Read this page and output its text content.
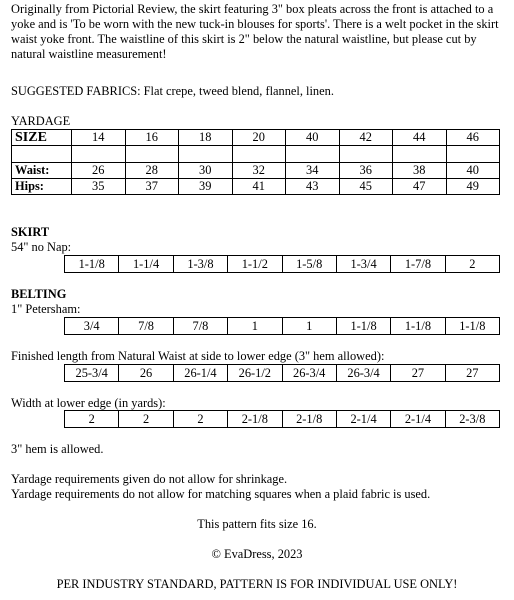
Originally from Pictorial Review, the skirt featuring 3" box pleats across the front is attached to a yoke and is 'To be worn with the new tuck-in blouses for sports'. There is a welt pocket in the skirt waist yoke front. The waistline of this skirt is 2" below the natural waistline, but please cut by natural waistline measurement!

SUGGESTED FABRICS: Flat crepe, tweed blend, flannel, linen.

YARDAGE

SIZE	14	16	18	20	40	42	44	46

Waist:	26	28	30	32	34	36	38	40
Hips:	35	37	39	41	43	45	47	49

SKIRT

54" no Nap:

1-1/8	1-1/4	1-3/8	1-1/2	1-5/8	1-3/4	1-7/8	2

BELTING

1" Petersham:

3/4	7/8	7/8	1	1	1-1/8	1-1/8	1-1/8

Finished length from Natural Waist at side to lower edge (3" hem allowed):

25-3/4	26	26-1/4	26-1/2	26-3/4	26-3/4	27	27

Width at lower edge (in yards):

2	2	2	2-1/8	2-1/8	2-1/4	2-1/4	2-3/8

3" hem is allowed.

Yardage requirements given do not allow for shrinkage.

Yardage requirements do not allow for matching squares when a plaid fabric is used.

This pattern fits size 16.

© EvaDress, 2023

PER INDUSTRY STANDARD, PATTERN IS FOR INDIVIDUAL USE ONLY!
